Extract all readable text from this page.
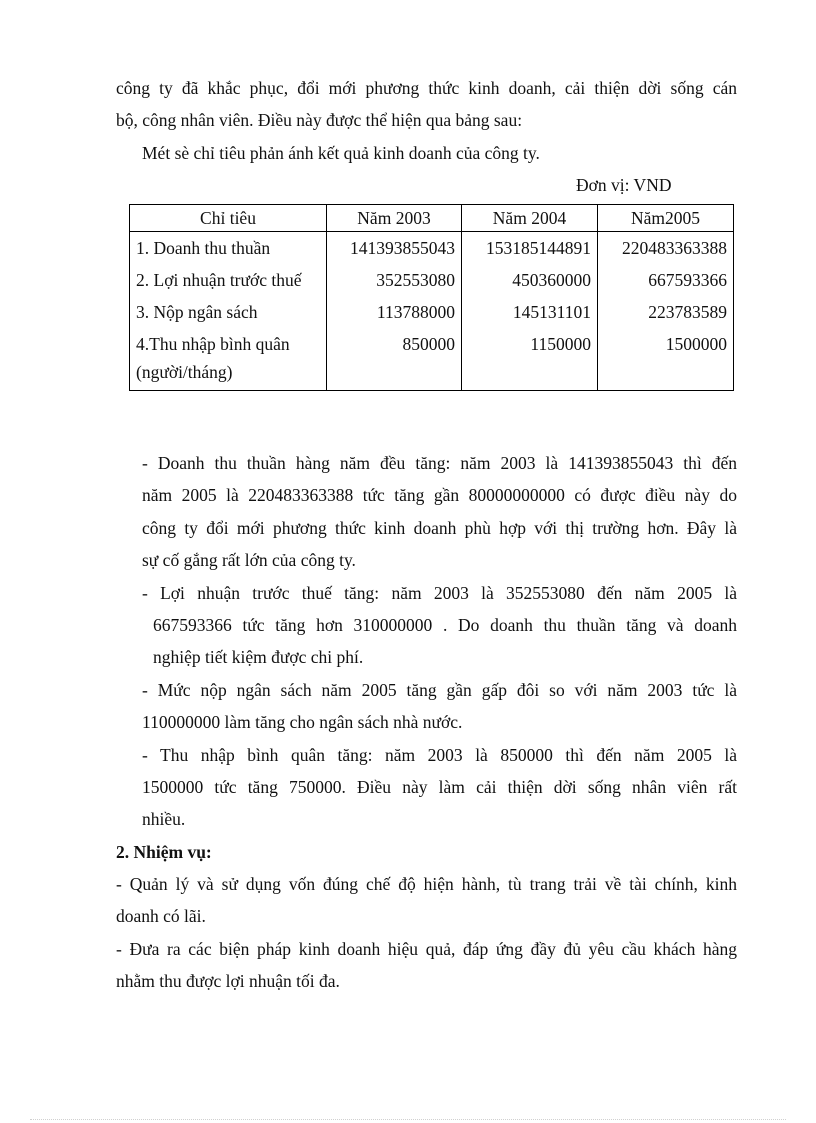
công ty đã khắc phục, đổi mới phương thức kinh doanh, cải thiện dời sống cán
bộ, công nhân viên. Điều này được thể hiện qua bảng sau:
Mét sè chỉ tiêu phản ánh kết quả kinh doanh của công ty.
Đơn vị: VND
Chỉ tiêu	Năm 2003	Năm 2004	Năm2005
1. Doanh thu thuần	141393855043	153185144891	220483363388
2. Lợi nhuận trước thuế	352553080	450360000	667593366
3. Nộp ngân sách	113788000	145131101	223783589
4.Thu nhập bình quân	850000	1150000	1500000
(người/tháng)			
- Doanh thu thuần hàng năm đều tăng: năm 2003 là 141393855043 thì đến
năm 2005 là 220483363388 tức tăng gần 80000000000 có được điều này do
công ty đổi mới phương thức kinh doanh phù hợp với thị trường hơn. Đây là
sự cố gắng rất lớn của công ty.
- Lợi nhuận trước thuế tăng: năm 2003 là 352553080 đến năm 2005 là
667593366 tức tăng hơn 310000000 . Do doanh thu thuần tăng và doanh
nghiệp tiết kiệm được chi phí.
- Mức nộp ngân sách năm 2005 tăng gần gấp đôi so với năm 2003 tức là
110000000 làm tăng cho ngân sách nhà nước.
- Thu nhập bình quân tăng: năm 2003 là 850000 thì đến năm 2005 là
1500000 tức tăng 750000. Điều này làm cải thiện dời sống nhân viên rất
nhiều.
2. Nhiệm vụ:
- Quản lý và sử dụng vốn đúng chế độ hiện hành, tù trang trải về tài chính, kinh
doanh có lãi.
- Đưa ra các biện pháp kinh doanh hiệu quả, đáp ứng đầy đủ yêu cầu khách hàng
nhằm thu được lợi nhuận tối đa.
